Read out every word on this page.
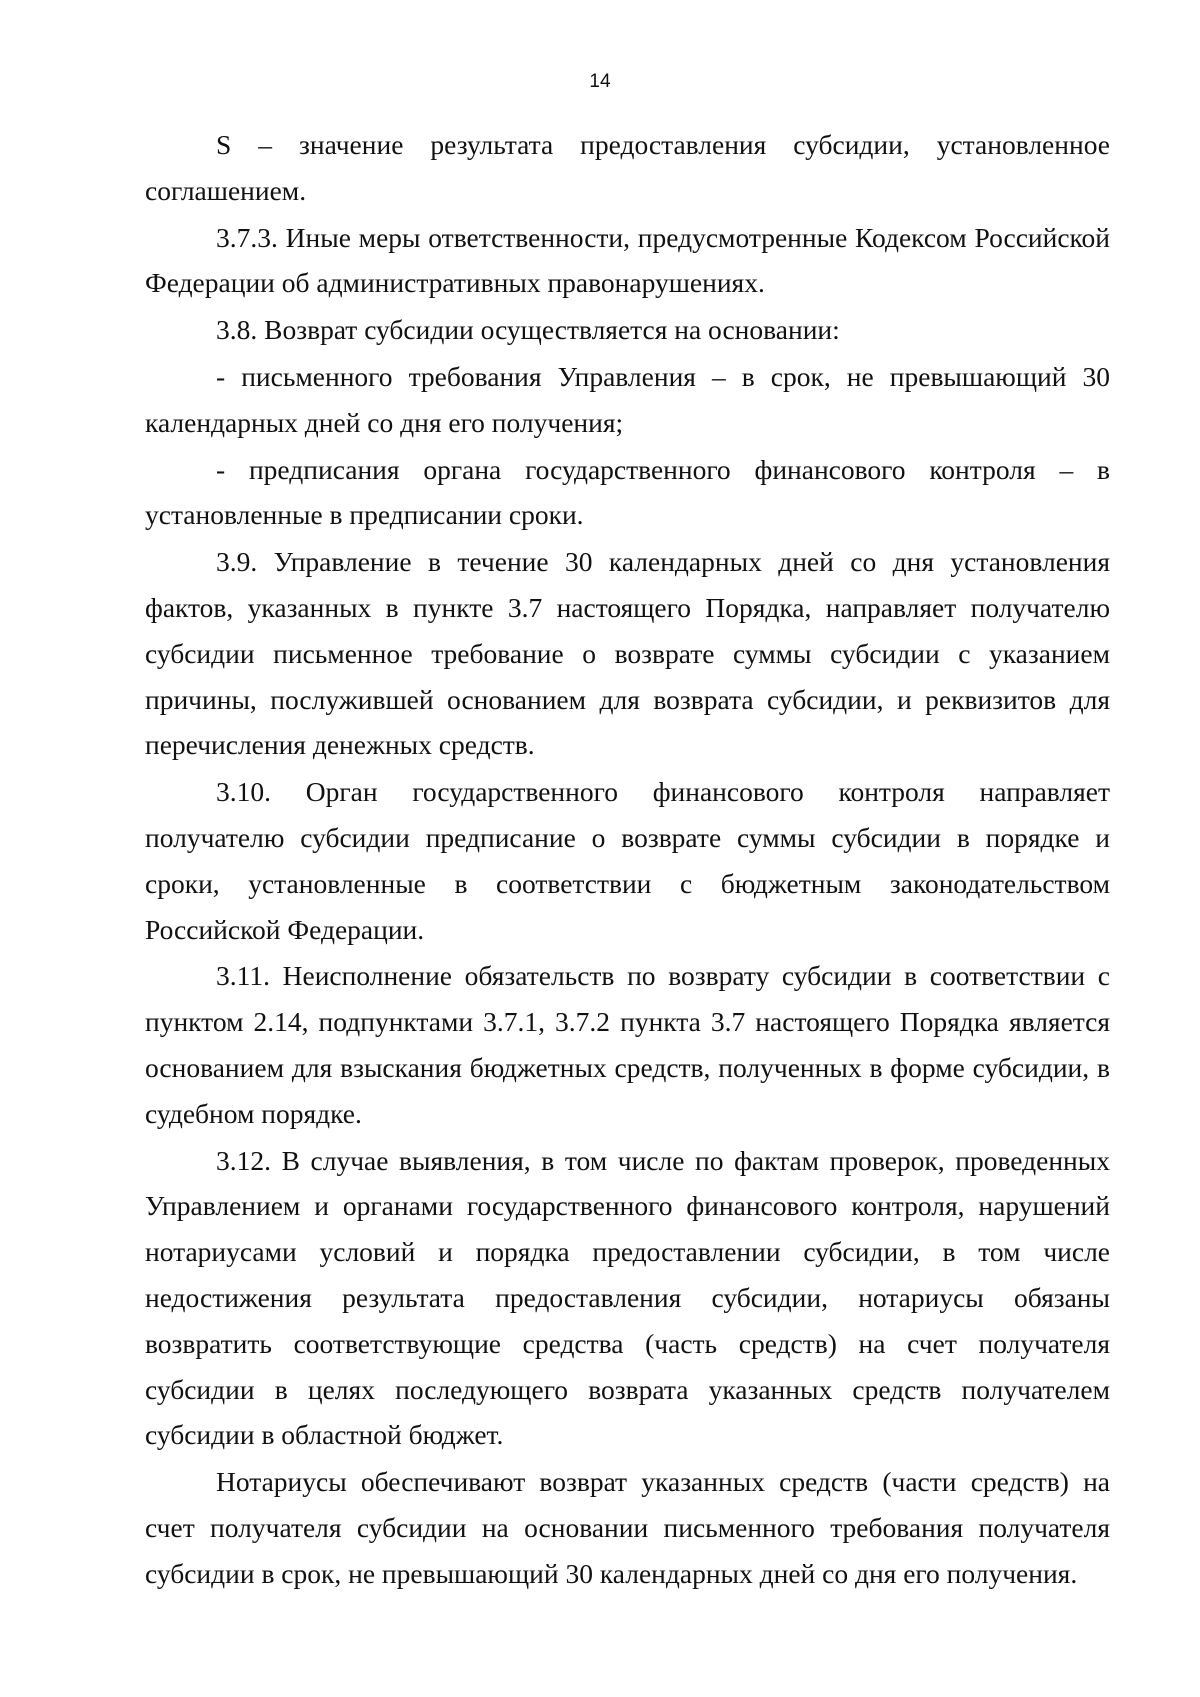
14

S – значение результата предоставления субсидии, установленное соглашением.

3.7.3. Иные меры ответственности, предусмотренные Кодексом Российской Федерации об административных правонарушениях.

3.8. Возврат субсидии осуществляется на основании:

- письменного требования Управления – в срок, не превышающий 30 календарных дней со дня его получения;

- предписания органа государственного финансового контроля – в установленные в предписании сроки.

3.9. Управление в течение 30 календарных дней со дня установления фактов, указанных в пункте 3.7 настоящего Порядка, направляет получателю субсидии письменное требование о возврате суммы субсидии с указанием причины, послужившей основанием для возврата субсидии, и реквизитов для перечисления денежных средств.

3.10. Орган государственного финансового контроля направляет получателю субсидии предписание о возврате суммы субсидии в порядке и сроки, установленные в соответствии с бюджетным законодательством Российской Федерации.

3.11. Неисполнение обязательств по возврату субсидии в соответствии с пунктом 2.14, подпунктами 3.7.1, 3.7.2 пункта 3.7 настоящего Порядка является основанием для взыскания бюджетных средств, полученных в форме субсидии, в судебном порядке.

3.12. В случае выявления, в том числе по фактам проверок, проведенных Управлением и органами государственного финансового контроля, нарушений нотариусами условий и порядка предоставлении субсидии, в том числе недостижения результата предоставления субсидии, нотариусы обязаны возвратить соответствующие средства (часть средств) на счет получателя субсидии в целях последующего возврата указанных средств получателем субсидии в областной бюджет.

Нотариусы обеспечивают возврат указанных средств (части средств) на счет получателя субсидии на основании письменного требования получателя субсидии в срок, не превышающий 30 календарных дней со дня его получения.
